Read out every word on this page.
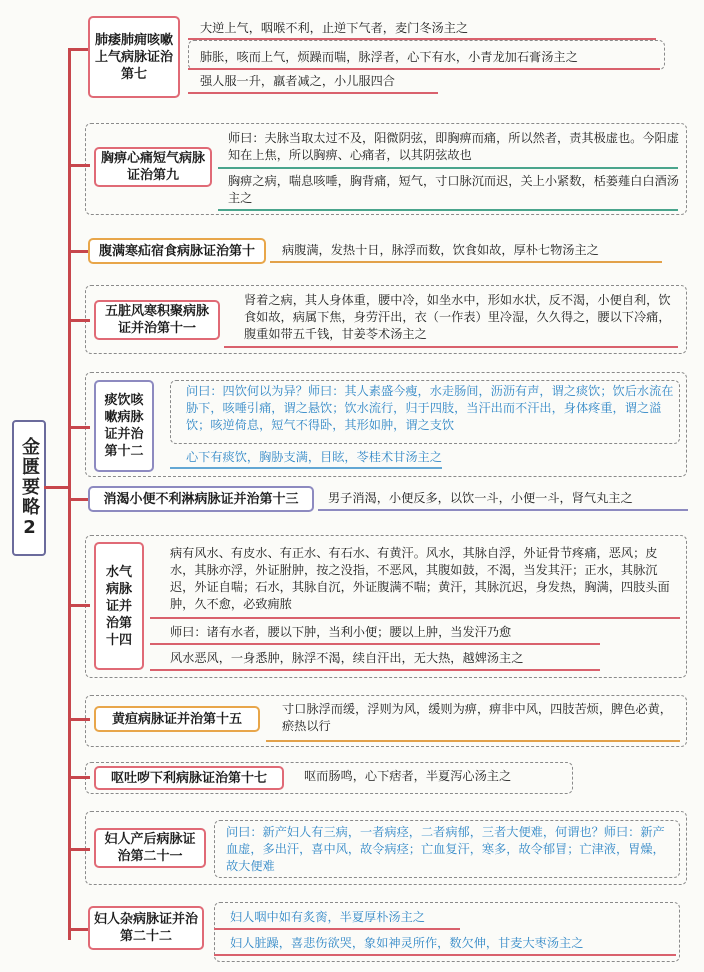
金匮要略2
肺痿肺痈咳嗽上气病脉证治第七
大逆上气，咽喉不利，止逆下气者，麦门冬汤主之
肺胀，咳而上气，烦躁而喘，脉浮者，心下有水，小青龙加石膏汤主之
强人服一升，羸者减之，小儿服四合
胸痹心痛短气病脉证治第九
师曰：夫脉当取太过不及，阳微阴弦，即胸痹而痛，所以然者，责其极虚也。今阳虚知在上焦，所以胸痹、心痛者，以其阴弦故也
胸痹之病，喘息咳唾，胸背痛，短气，寸口脉沉而迟，关上小紧数，栝蒌薤白白酒汤主之
腹满寒疝宿食病脉证治第十 病腹满，发热十日，脉浮而数，饮食如故，厚朴七物汤主之
五脏风寒积聚病脉证并治第十一
肾着之病，其人身体重，腰中冷，如坐水中，形如水状，反不渴，小便自利，饮食如故，病属下焦，身劳汗出，衣（一作表）里冷湿，久久得之，腰以下冷痛，腹重如带五千钱，甘姜苓术汤主之
痰饮咳嗽病脉证并治第十二
问曰：四饮何以为异？师曰：其人素盛今瘦，水走肠间，沥沥有声，谓之痰饮；饮后水流在胁下，咳唾引痛，谓之悬饮；饮水流行，归于四肢，当汗出而不汗出，身体疼重，谓之溢饮；咳逆倚息，短气不得卧，其形如肿，谓之支饮
心下有痰饮，胸胁支满，目眩，苓桂术甘汤主之
消渴小便不利淋病脉证并治第十三 男子消渴，小便反多，以饮一斗，小便一斗，肾气丸主之
水气病脉证并治第十四
病有风水、有皮水、有正水、有石水、有黄汗。风水，其脉自浮，外证骨节疼痛，恶风；皮水，其脉亦浮，外证胕肿，按之没指，不恶风，其腹如鼓，不渴，当发其汗；正水，其脉沉迟，外证自喘；石水，其脉自沉，外证腹满不喘；黄汗，其脉沉迟，身发热，胸满，四肢头面肿，久不愈，必致痈脓
师曰：诸有水者，腰以下肿，当利小便；腰以上肿，当发汗乃愈
风水恶风，一身悉肿，脉浮不渴，续自汗出，无大热，越婢汤主之
黄疸病脉证并治第十五
寸口脉浮而缓，浮则为风，缓则为痹，痹非中风，四肢苦烦，脾色必黄，瘀热以行
呕吐哕下利病脉证治第十七	呕而肠鸣，心下痞者，半夏泻心汤主之
妇人产后病脉证治第二十一
问曰：新产妇人有三病，一者病痉，二者病郁，三者大便难，何谓也？师曰：新产血虚，多出汗，喜中风，故令病痉；亡血复汗，寒多，故令郁冒；亡津液，胃燥，故大便难
妇人杂病脉证并治第二十二
妇人咽中如有炙脔，半夏厚朴汤主之
妇人脏躁，喜悲伤欲哭，象如神灵所作，数欠伸，甘麦大枣汤主之
